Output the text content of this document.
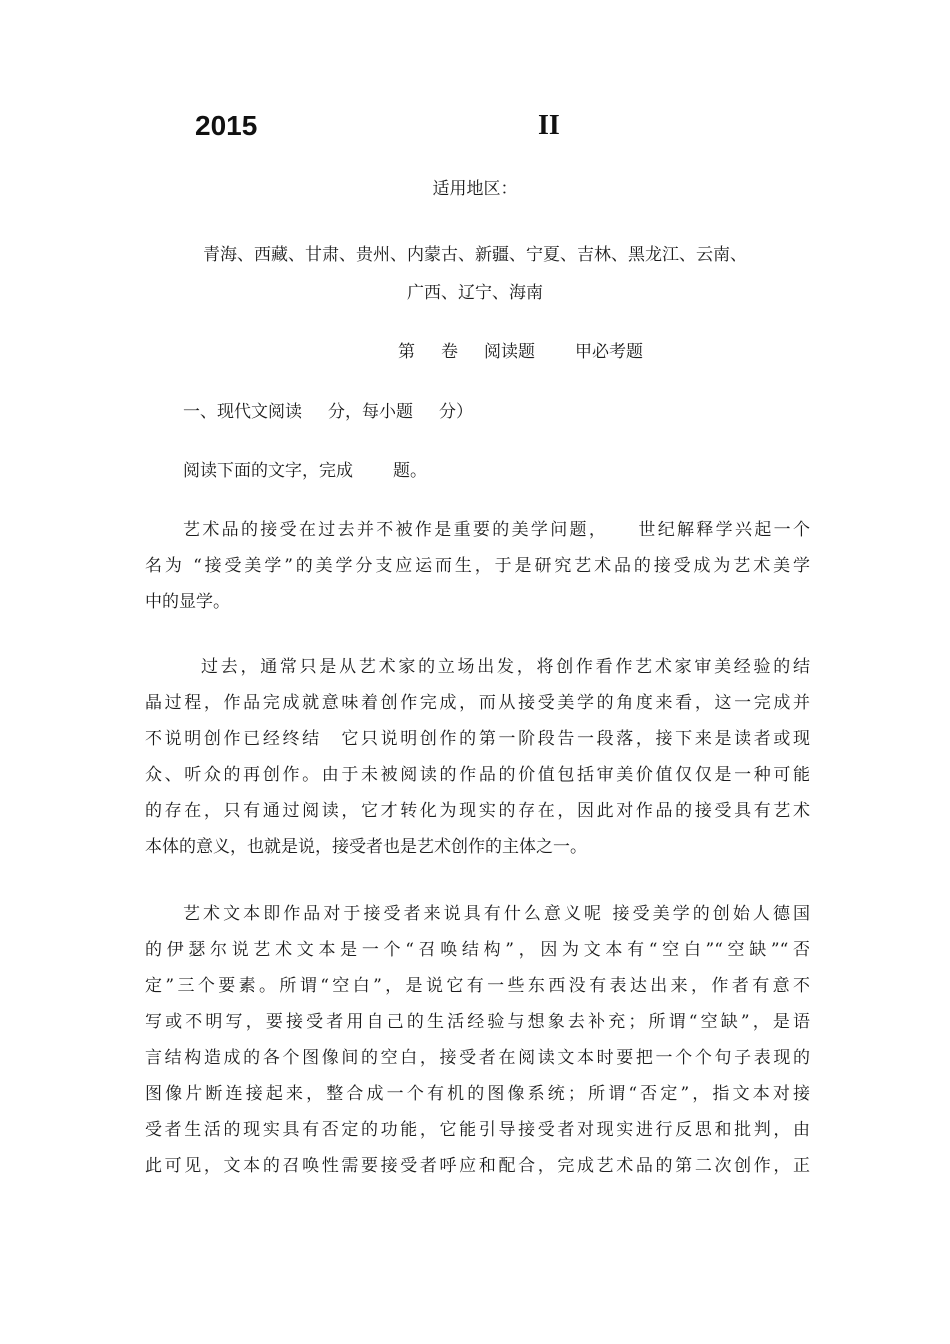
2015	II
适用地区：
青海、西藏、甘肃、贵州、内蒙古、新疆、宁夏、吉林、黑龙江、云南、
广西、辽宁、海南
第 卷 阅读题 甲必考题
一、现代文阅读 分，每小题 分）
阅读下面的文字，完成 题。
艺术品的接受在过去并不被作是重要的美学问题，　　世纪解释学兴起一个
名为 “接受美学”的美学分支应运而生，于是研究艺术品的接受成为艺术美学
中的显学。
过去，通常只是从艺术家的立场出发，将创作看作艺术家审美经验的结
晶过程，作品完成就意味着创作完成，而从接受美学的角度来看，这一完成并
不说明创作已经终结　它只说明创作的第一阶段告一段落，接下来是读者或现
众、听众的再创作。由于未被阅读的作品的价值包括审美价值仅仅是一种可能
的存在，只有通过阅读，它才转化为现实的存在，因此对作品的接受具有艺术
本体的意义，也就是说，接受者也是艺术创作的主体之一。
艺术文本即作品对于接受者来说具有什么意义呢 接受美学的创始人德国
的伊瑟尔说艺术文本是一个“召唤结构”，因为文本有“空白”“空缺”“否
定”三个要素。所谓“空白”，是说它有一些东西没有表达出来，作者有意不
写或不明写，要接受者用自己的生活经验与想象去补充；所谓“空缺”，是语
言结构造成的各个图像间的空白，接受者在阅读文本时要把一个个句子表现的
图像片断连接起来，整合成一个有机的图像系统；所谓“否定”，指文本对接
受者生活的现实具有否定的功能，它能引导接受者对现实进行反思和批判，由
此可见，文本的召唤性需要接受者呼应和配合，完成艺术品的第二次创作，正
